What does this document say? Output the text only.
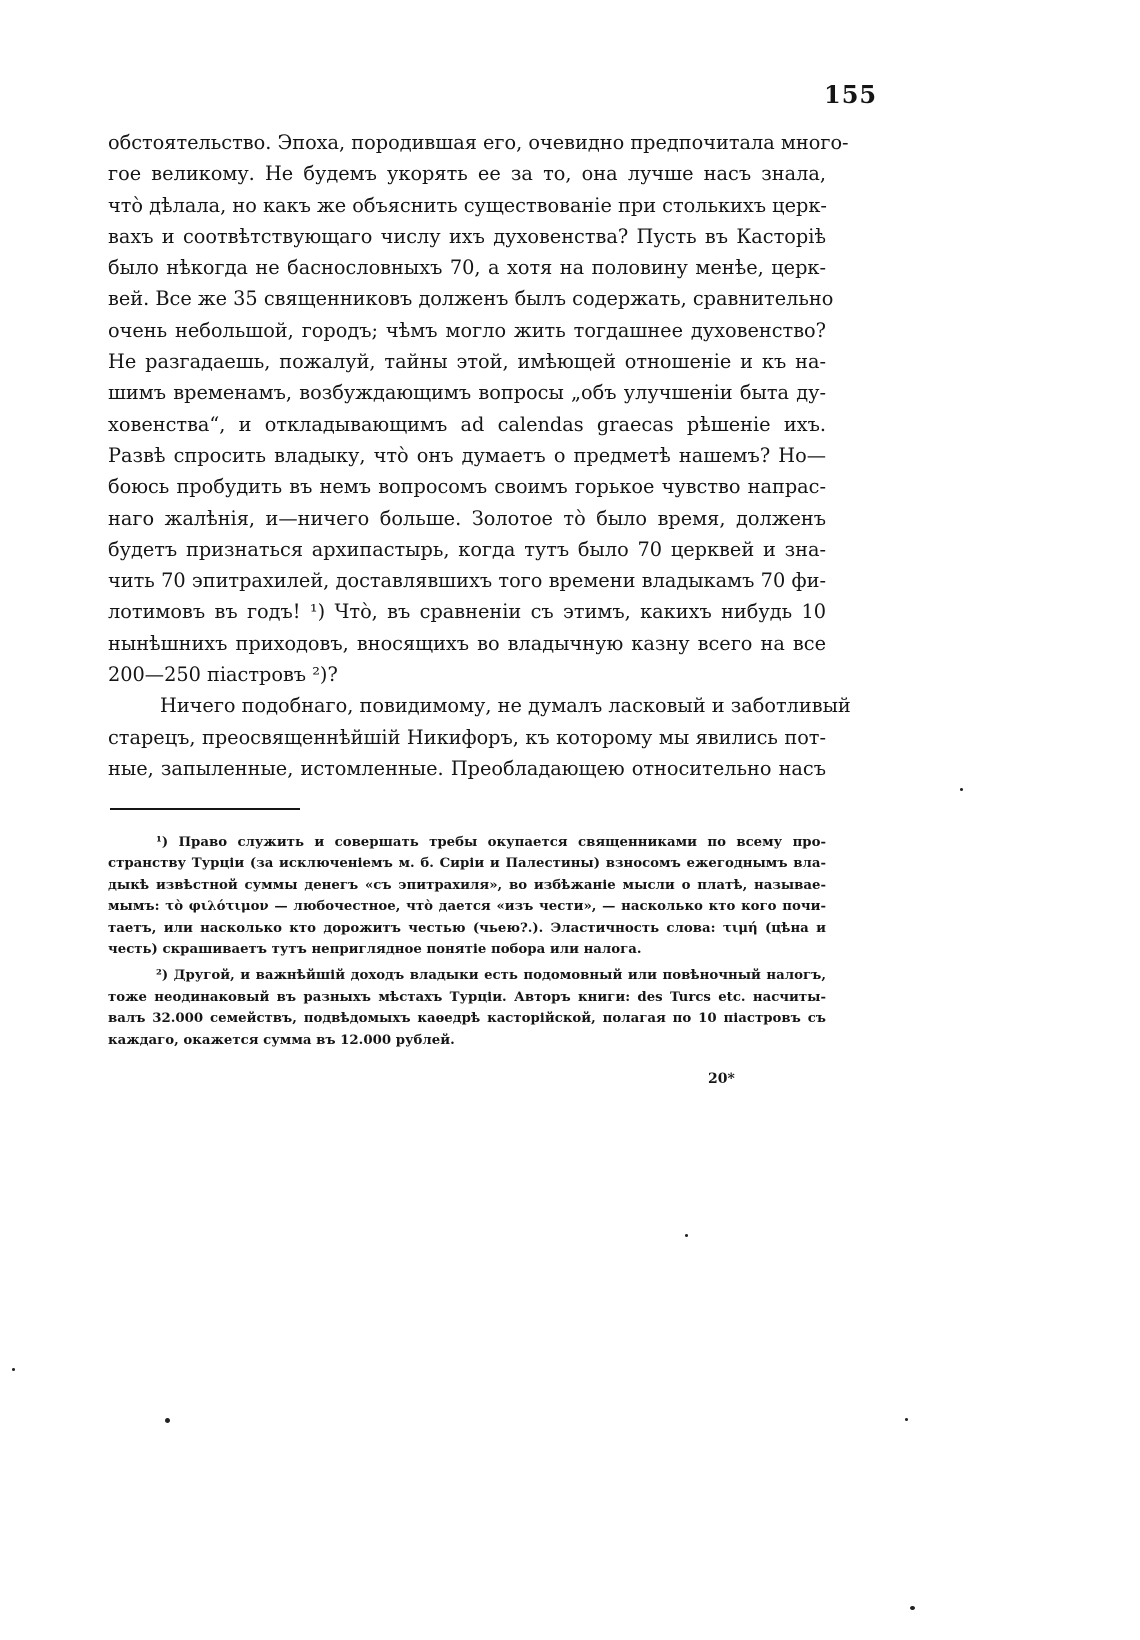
155
обстоятельство. Эпоха, породившая его, очевидно предпочитала много-
гое великому. Не будемъ укорять ее за то, она лучше насъ знала,
чтò дѣлала, но какъ же объяснить существованіе при столькихъ церк-
вахъ и соотвѣтствующаго числу ихъ духовенства? Пусть въ Касторіѣ
было нѣкогда не баснословныхъ 70, а хотя на половину менѣе, церк-
вей. Все же 35 священниковъ долженъ былъ содержать, сравнительно
очень небольшой, городъ; чѣмъ могло жить тогдашнее духовенство?
Не разгадаешь, пожалуй, тайны этой, имѣющей отношеніе и къ на-
шимъ временамъ, возбуждающимъ вопросы „объ улучшеніи быта ду-
ховенства“, и откладывающимъ ad calendas graecas рѣшеніе ихъ.
Развѣ спросить владыку, чтò онъ думаетъ о предметѣ нашемъ? Но—
боюсь пробудить въ немъ вопросомъ своимъ горькое чувство напрас-
наго жалѣнія, и—ничего больше. Золотое тò было время, долженъ
будетъ признаться архипастырь, когда тутъ было 70 церквей и зна-
чить 70 эпитрахилей, доставлявшихъ того времени владыкамъ 70 фи-
лотимовъ въ годъ! ¹) Чтò, въ сравненіи съ этимъ, какихъ нибудь 10
нынѣшнихъ приходовъ, вносящихъ во владычную казну всего на все
200—250 піастровъ ²)?
Ничего подобнаго, повидимому, не думалъ ласковый и заботливый
старецъ, преосвященнѣйшій Никифоръ, къ которому мы явились пот-
ные, запыленные, истомленные. Преобладающею относительно насъ
¹) Право служить и совершать требы окупается священниками по всему про-
странству Турціи (за исключеніемъ м. б. Сиріи и Палестины) взносомъ ежегоднымъ вла-
дыкѣ извѣстной суммы денегъ «съ эпитрахиля», во избѣжаніе мысли о платѣ, называе-
мымъ: τὸ φιλότιμον — любочестное, чтò дается «изъ чести», — насколько кто кого почи-
таетъ, или насколько кто дорожитъ честью (чьею?.). Эластичность слова: τιμή (цѣна и
честь) скрашиваетъ тутъ неприглядное понятіе побора или налога.
²) Другой, и важнѣйшій доходъ владыки есть подомовный или повѣночный налогъ,
тоже неодинаковый въ разныхъ мѣстахъ Турціи. Авторъ книги: des Turcs etc. насчиты-
валъ 32.000 семействъ, подвѣдомыхъ каѳедрѣ касторійской, полагая по 10 піастровъ съ
каждаго, окажется сумма въ 12.000 рублей.
20*
